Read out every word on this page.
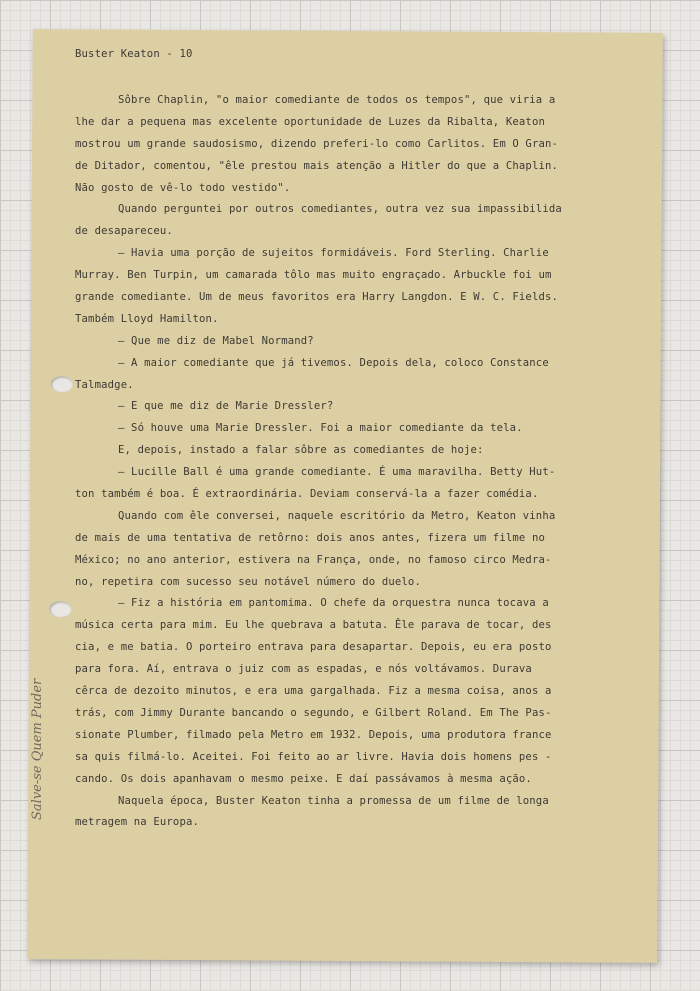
Buster Keaton - 10
Sôbre Chaplin, "o maior comediante de todos os tempos", que viria a
lhe dar a pequena mas excelente oportunidade de Luzes da Ribalta, Keaton
mostrou um grande saudosismo, dizendo preferi-lo como Carlitos. Em O Gran-
de Ditador, comentou, "êle prestou mais atenção a Hitler do que a Chaplin.
Não gosto de vê-lo todo vestido".
Quando perguntei por outros comediantes, outra vez sua impassibilida
de desapareceu.
— Havia uma porção de sujeitos formidáveis. Ford Sterling. Charlie
Murray. Ben Turpin, um camarada tôlo mas muito engraçado. Arbuckle foi um
grande comediante. Um de meus favoritos era Harry Langdon. E W. C. Fields.
Também Lloyd Hamilton.
— Que me diz de Mabel Normand?
— A maior comediante que já tivemos. Depois dela, coloco Constance
Talmadge.
— E que me diz de Marie Dressler?
— Só houve uma Marie Dressler. Foi a maior comediante da tela.
E, depois, instado a falar sôbre as comediantes de hoje:
— Lucille Ball é uma grande comediante. É uma maravilha. Betty Hut-
ton também é boa. É extraordinária. Deviam conservá-la a fazer comédia.
Quando com êle conversei, naquele escritório da Metro, Keaton vinha
de mais de uma tentativa de retôrno: dois anos antes, fizera um filme no
México; no ano anterior, estivera na França, onde, no famoso circo Medra-
no, repetira com sucesso seu notável número do duelo.
— Fiz a história em pantomima. O chefe da orquestra nunca tocava a
música certa para mim. Eu lhe quebrava a batuta. Êle parava de tocar, des
cia, e me batia. O porteiro entrava para desapartar. Depois, eu era posto
para fora. Aí, entrava o juiz com as espadas, e nós voltávamos. Durava
cêrca de dezoito minutos, e era uma gargalhada. Fiz a mesma coisa, anos a
trás, com Jimmy Durante bancando o segundo, e Gilbert Roland. Em The Pas-
sionate Plumber, filmado pela Metro em 1932. Depois, uma produtora france
sa quis filmá-lo. Aceitei. Foi feito ao ar livre. Havia dois homens pes -
cando. Os dois apanhavam o mesmo peixe. E daí passávamos à mesma ação.
Naquela época, Buster Keaton tinha a promessa de um filme de longa
metragem na Europa.
Salve-se Quem Puder
